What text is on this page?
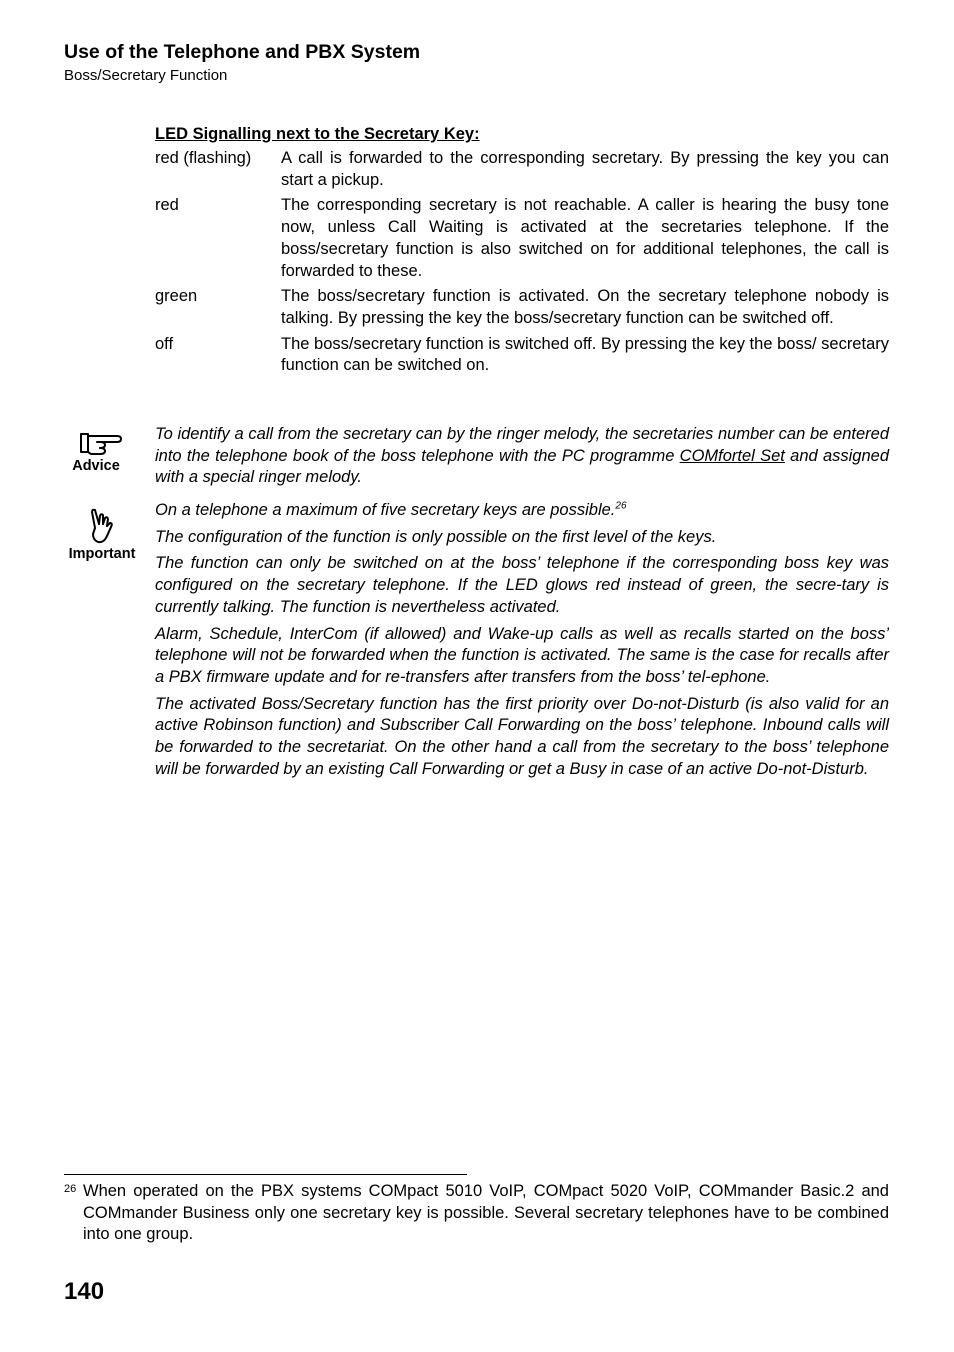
Use of the Telephone and PBX System
Boss/Secretary Function
LED Signalling next to the Secretary Key:
red (flashing)	A call is forwarded to the corresponding secretary. By pressing the key you can start a pickup.
red	The corresponding secretary is not reachable. A caller is hearing the busy tone now, unless Call Waiting is activated at the secretaries telephone. If the boss/secretary function is also switched on for additional telephones, the call is forwarded to these.
green	The boss/secretary function is activated. On the secretary telephone nobody is talking. By pressing the key the boss/secretary function can be switched off.
off	The boss/secretary function is switched off. By pressing the key the boss/ secretary function can be switched on.
Advice

To identify a call from the secretary can by the ringer melody, the secretaries number can be entered into the telephone book of the boss telephone with the PC programme COMfortel Set and assigned with a special ringer melody.

Important

On a telephone a maximum of five secretary keys are possible.$^{26}$

The configuration of the function is only possible on the first level of the keys.

The function can only be switched on at the boss’ telephone if the corresponding boss key was configured on the secretary telephone. If the LED glows red instead of green, the secre-tary is currently talking. The function is nevertheless activated.

Alarm, Schedule, InterCom (if allowed) and Wake-up calls as well as recalls started on the boss’ telephone will not be forwarded when the function is activated. The same is the case for recalls after a PBX firmware update and for re-transfers after transfers from the boss’ tel-ephone.

The activated Boss/Secretary function has the first priority over Do-not-Disturb (is also valid for an active Robinson function) and Subscriber Call Forwarding on the boss’ telephone. Inbound calls will be forwarded to the secretariat. On the other hand a call from the secretary to the boss’ telephone will be forwarded by an existing Call Forwarding or get a Busy in case of an active Do-not-Disturb.

26 When operated on the PBX systems COMpact 5010 VoIP, COMpact 5020 VoIP, COMmander Basic.2 and COMmander Business only one secretary key is possible. Several secretary telephones have to be combined into one group.
140
